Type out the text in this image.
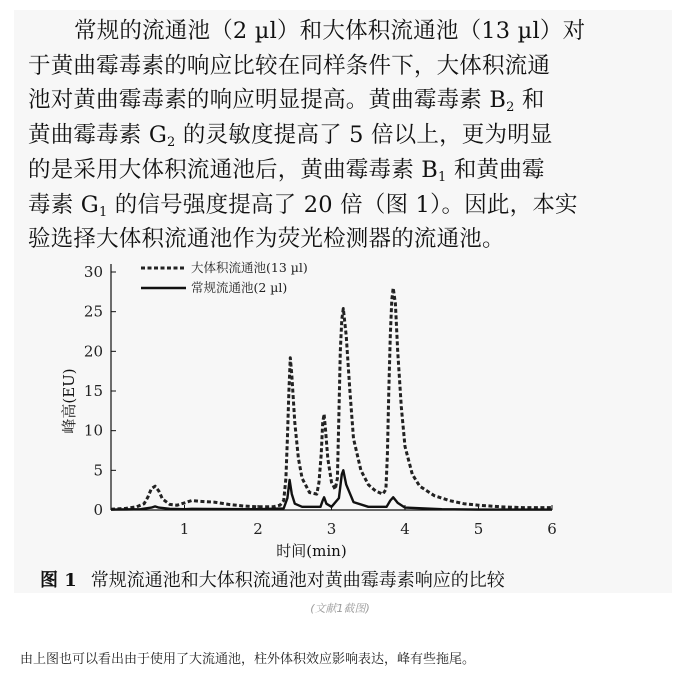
常规的流通池（2 µl）和大体积流通池（13 µl）对
于黄曲霉毒素的响应比较在同样条件下，大体积流通
池对黄曲霉毒素的响应明显提高。黄曲霉毒素 $B_2$ 和
黄曲霉毒素 $G_2$ 的灵敏度提高了 5 倍以上，更为明显
的是采用大体积流通池后，黄曲霉毒素 $B_1$ 和黄曲霉
毒素 $G_1$ 的信号强度提高了 20 倍（图 1）。因此，本实
验选择大体积流通池作为荧光检测器的流通池。
1	2	3	4	5	6
0
5
10
15
20
25
30
时间(min)
峰高(EU)
大体积流通池(13 µl)
常规流通池(2 µl)
图 1 常规流通池和大体积流通池对黄曲霉毒素响应的比较
(文献1截图)
由上图也可以看出由于使用了大流通池，柱外体积效应影响表达，峰有些拖尾。
